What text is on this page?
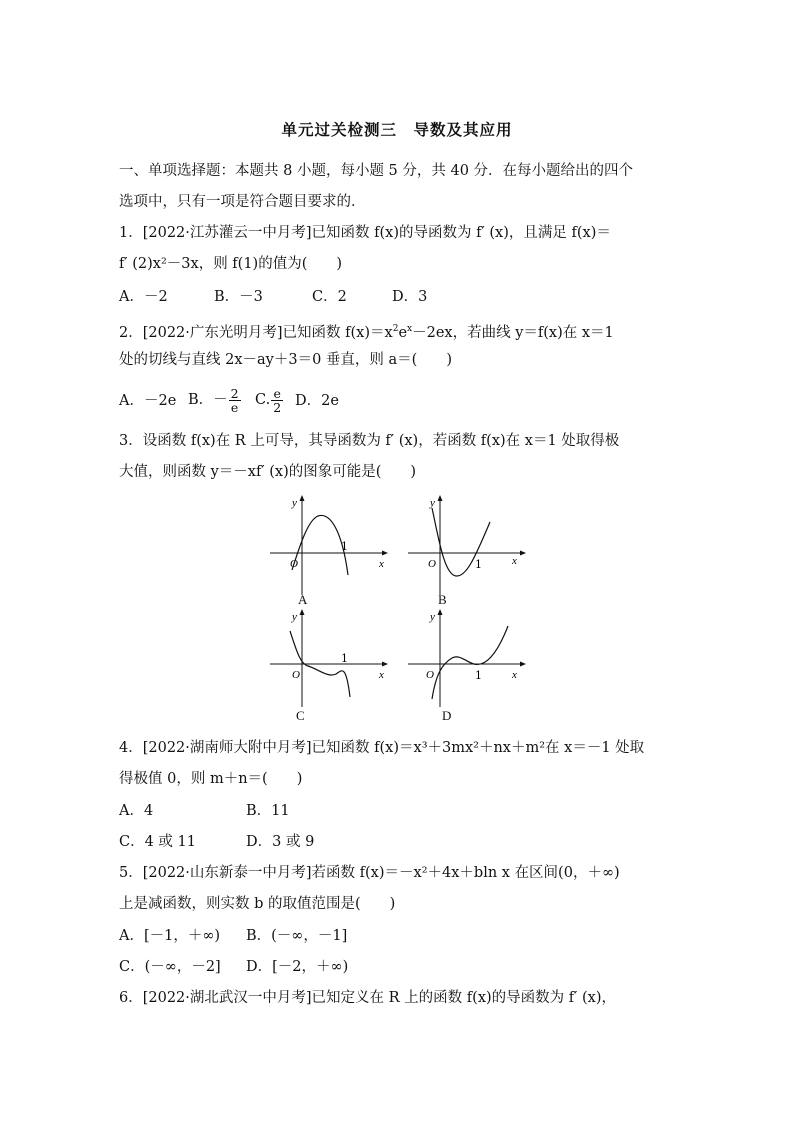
单元过关检测三　导数及其应用
一、单项选择题：本题共 8 小题，每小题 5 分，共 40 分．在每小题给出的四个
选项中，只有一项是符合题目要求的．
1．[2022·江苏灌云一中月考]已知函数 f(x)的导函数为 f′ (x)，且满足 f(x)＝
f′ (2)x²－3x，则 f(1)的值为(　　)
A．－2	B．－3	C．2	D．3
2．[2022·广东光明月考]已知函数 $f(x)=x^2e^x-2ex$，若曲线 y＝f(x)在 x＝1
处的切线与直线 2x－ay＋3＝0 垂直，则 a＝(　　)
A．－2e B．－ $\frac{2}{e} C$. $\frac{e}{2}$ D．2e
3．设函数 f(x)在 R 上可导，其导函数为 f′ (x)，若函数 f(x)在 x＝1 处取得极
大值，则函数 y＝－xf′ (x)的图象可能是(　　)
y
x
O
1
A
y
x
O	1
B
y
x
O
1
C
y
x
O	1
D
4．[2022·湖南师大附中月考]已知函数 f(x)＝x³＋3mx²＋nx＋m²在 x＝－1 处取
得极值 0，则 m＋n＝(　　)
A．4	B．11
C．4 或 11	D．3 或 9
5．[2022·山东新泰一中月考]若函数 f(x)＝－x²＋4x＋bln x 在区间(0，＋∞)
上是减函数，则实数 b 的取值范围是(　　)
A．[－1，＋∞) B．(－∞，－1]
C．(－∞，－2] D．[－2，＋∞)
6．[2022·湖北武汉一中月考]已知定义在 R 上的函数 f(x)的导函数为 f′ (x)，
